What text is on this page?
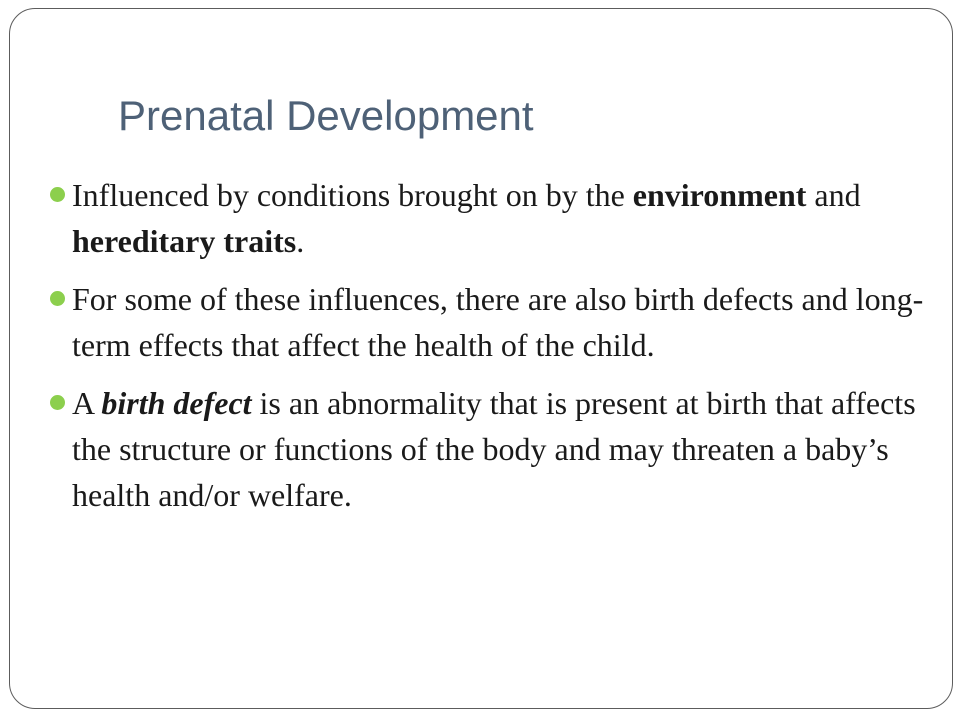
Prenatal Development
Influenced by conditions brought on by the environment and hereditary traits.
For some of these influences, there are also birth defects and long-term effects that affect the health of the child.
A birth defect is an abnormality that is present at birth that affects the structure or functions of the body and may threaten a baby’s health and/or welfare.
